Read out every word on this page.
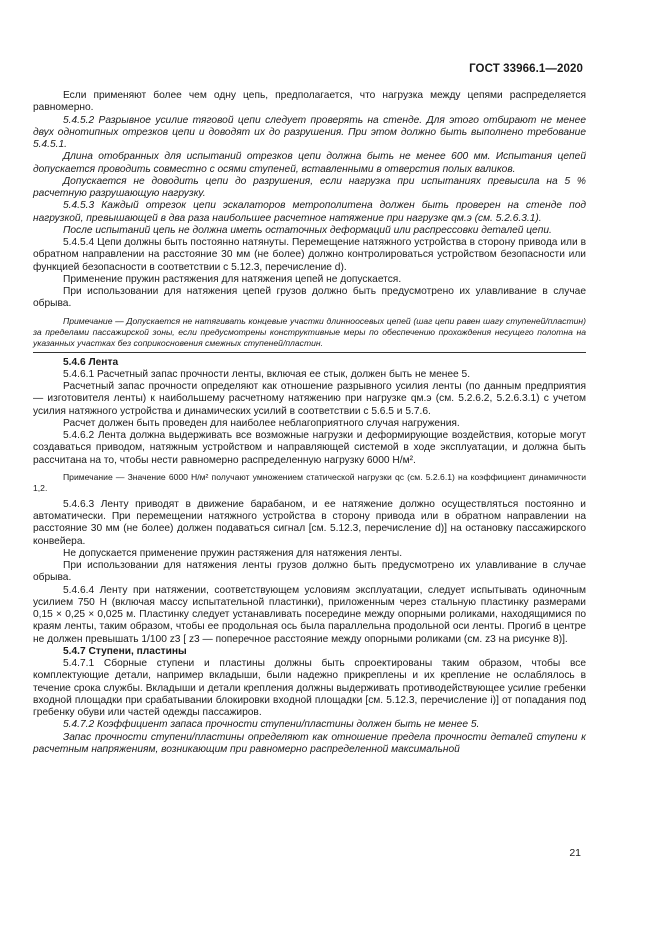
ГОСТ 33966.1—2020

Если применяют более чем одну цепь, предполагается, что нагрузка между цепями распределяется равномерно.

5.4.5.2 Разрывное усилие тяговой цепи следует проверять на стенде. Для этого отбирают не менее двух однотипных отрезков цепи и доводят их до разрушения. При этом должно быть выполнено требование 5.4.5.1.

Длина отобранных для испытаний отрезков цепи должна быть не менее 600 мм. Испытания цепей допускается проводить совместно с осями ступеней, вставленными в отверстия полых валиков.

Допускается не доводить цепи до разрушения, если нагрузка при испытаниях превысила на 5 % расчетную разрушающую нагрузку.

5.4.5.3 Каждый отрезок цепи эскалаторов метрополитена должен быть проверен на стенде под нагрузкой, превышающей в два раза наибольшее расчетное натяжение при нагрузке qм.э (см. 5.2.6.3.1).

После испытаний цепь не должна иметь остаточных деформаций или распрессовки деталей цепи.

5.4.5.4 Цепи должны быть постоянно натянуты. Перемещение натяжного устройства в сторону привода или в обратном направлении на расстояние 30 мм (не более) должно контролироваться устройством безопасности или функцией безопасности в соответствии с 5.12.3, перечисление d).

Применение пружин растяжения для натяжения цепей не допускается.

При использовании для натяжения цепей грузов должно быть предусмотрено их улавливание в случае обрыва.

Примечание — Допускается не натягивать концевые участки длинноосевых цепей (шаг цепи равен шагу ступеней/пластин) за пределами пассажирской зоны, если предусмотрены конструктивные меры по обеспечению прохождения несущего полотна на указанных участках без соприкосновения смежных ступеней/пластин.

5.4.6 Лента

5.4.6.1 Расчетный запас прочности ленты, включая ее стык, должен быть не менее 5.

Расчетный запас прочности определяют как отношение разрывного усилия ленты (по данным предприятия — изготовителя ленты) к наибольшему расчетному натяжению при нагрузке qм.э (см. 5.2.6.2, 5.2.6.3.1) с учетом усилия натяжного устройства и динамических усилий в соответствии с 5.6.5 и 5.7.6.

Расчет должен быть проведен для наиболее неблагоприятного случая нагружения.

5.4.6.2 Лента должна выдерживать все возможные нагрузки и деформирующие воздействия, которые могут создаваться приводом, натяжным устройством и направляющей системой в ходе эксплуатации, и должна быть рассчитана на то, чтобы нести равномерно распределенную нагрузку 6000 Н/м².

Примечание — Значение 6000 Н/м² получают умножением статической нагрузки qс (см. 5.2.6.1) на коэффициент динамичности 1,2.

5.4.6.3 Ленту приводят в движение барабаном, и ее натяжение должно осуществляться постоянно и автоматически. При перемещении натяжного устройства в сторону привода или в обратном направлении на расстояние 30 мм (не более) должен подаваться сигнал [см. 5.12.3, перечисление d)] на остановку пассажирского конвейера.

Не допускается применение пружин растяжения для натяжения ленты.

При использовании для натяжения ленты грузов должно быть предусмотрено их улавливание в случае обрыва.

5.4.6.4 Ленту при натяжении, соответствующем условиям эксплуатации, следует испытывать одиночным усилием 750 Н (включая массу испытательной пластинки), приложенным через стальную пластинку размерами 0,15 × 0,25 × 0,025 м. Пластинку следует устанавливать посередине между опорными роликами, находящимися по краям ленты, таким образом, чтобы ее продольная ось была параллельна продольной оси ленты. Прогиб в центре не должен превышать 1/100 z3 [ z3 — поперечное расстояние между опорными роликами (см. z3 на рисунке 8)].

5.4.7 Ступени, пластины

5.4.7.1 Сборные ступени и пластины должны быть спроектированы таким образом, чтобы все комплектующие детали, например вкладыши, были надежно прикреплены и их крепление не ослаблялось в течение срока службы. Вкладыши и детали крепления должны выдерживать противодействующее усилие гребенки входной площадки при срабатывании блокировки входной площадки [см. 5.12.3, перечисление i)] от попадания под гребенку обуви или частей одежды пассажиров.

5.4.7.2 Коэффициент запаса прочности ступени/пластины должен быть не менее 5.

Запас прочности ступени/пластины определяют как отношение предела прочности деталей ступени к расчетным напряжениям, возникающим при равномерно распределенной максимальной

21
